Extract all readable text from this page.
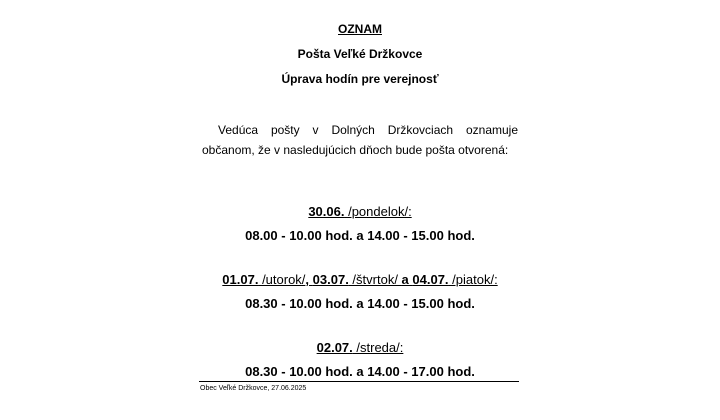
OZNAM
Pošta Veľké Držkovce
Úprava hodín pre verejnosť
Vedúca pošty v Dolných Držkovciach oznamuje občanom, že v nasledujúcich dňoch bude pošta otvorená:
30.06. /pondelok/:
08.00 - 10.00 hod. a 14.00 - 15.00 hod.
01.07. /utorok/, 03.07. /štvrtok/ a 04.07. /piatok/:
08.30 - 10.00 hod. a 14.00 - 15.00 hod.
02.07. /streda/:
08.30 - 10.00 hod. a 14.00 - 17.00 hod.
Obec Veľké Držkovce, 27.06.2025
